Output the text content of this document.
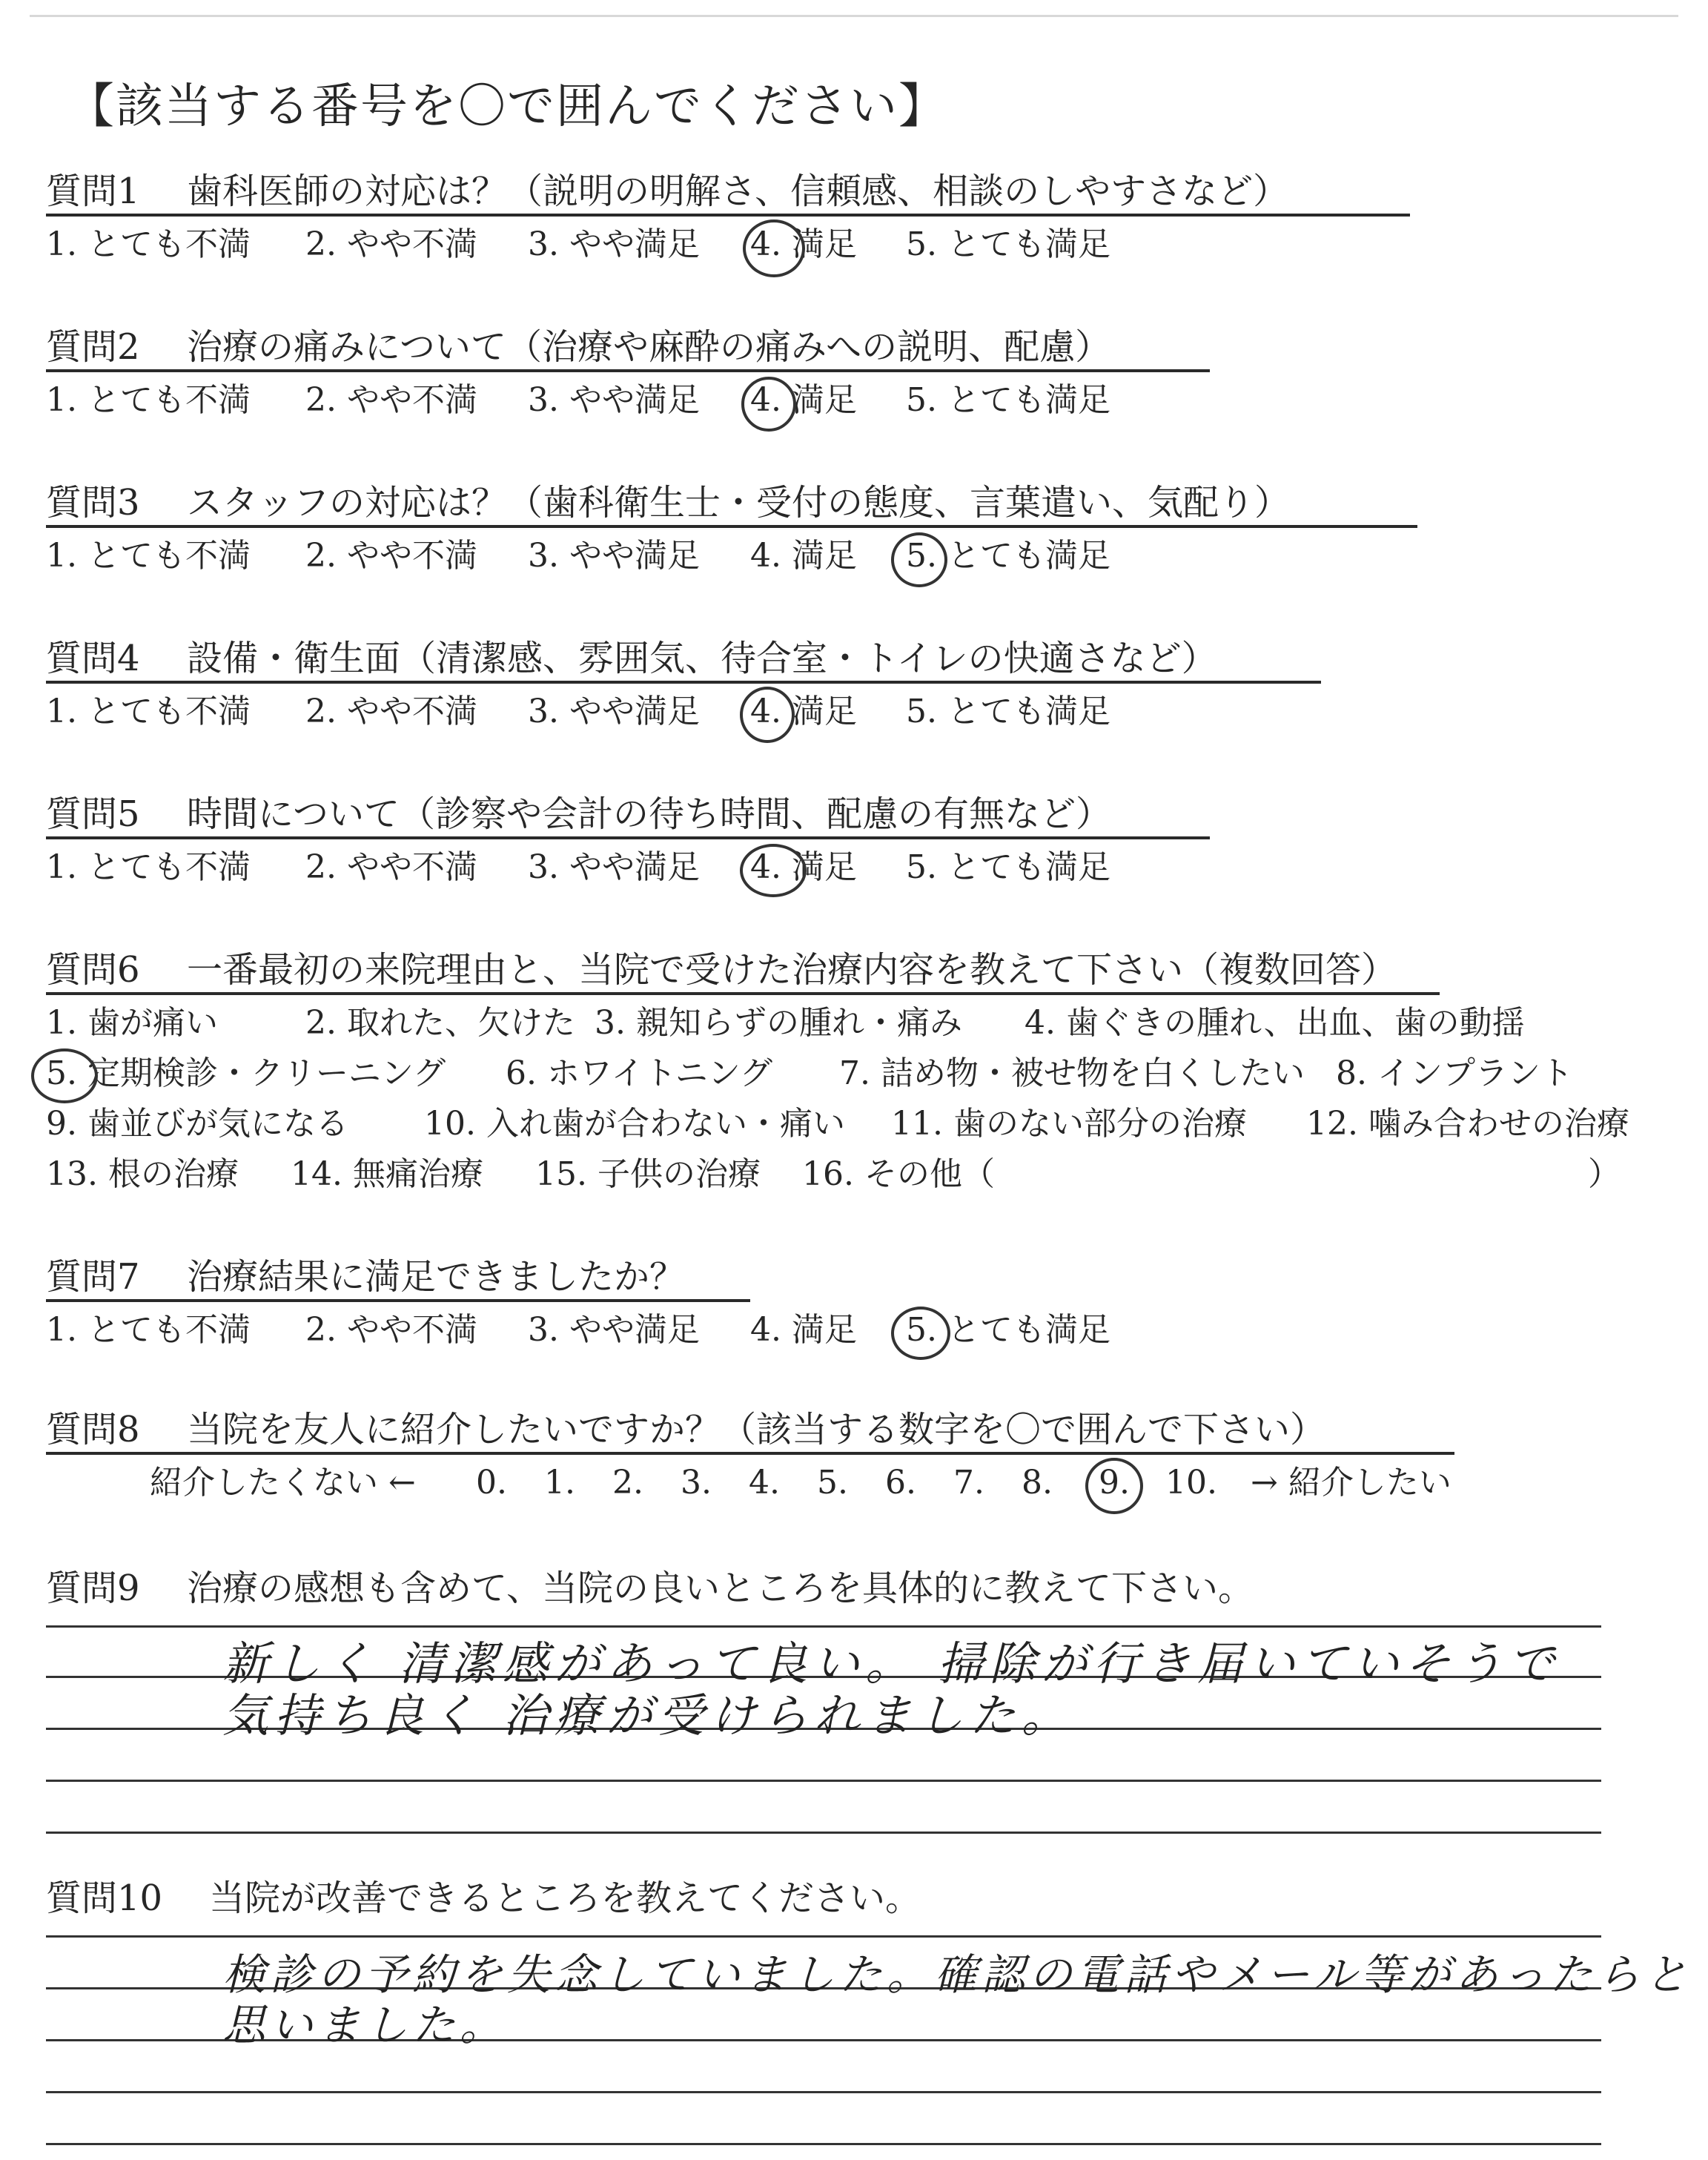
【該当する番号を〇で囲んでください】
質問1 歯科医師の対応は？（説明の明解さ、信頼感、相談のしやすさなど）
1. とても不満 2. やや不満 3. やや満足 4. 満足 5. とても満足
質問2 治療の痛みについて（治療や麻酔の痛みへの説明、配慮）
1. とても不満 2. やや不満 3. やや満足 4. 満足 5. とても満足
質問3 スタッフの対応は？（歯科衛生士・受付の態度、言葉遣い、気配り）
1. とても不満 2. やや不満 3. やや満足 4. 満足 5. とても満足
質問4 設備・衛生面（清潔感、雰囲気、待合室・トイレの快適さなど）
1. とても不満 2. やや不満 3. やや満足 4. 満足 5. とても満足
質問5 時間について（診察や会計の待ち時間、配慮の有無など）
1. とても不満 2. やや不満 3. やや満足 4. 満足 5. とても満足
質問6 一番最初の来院理由と、当院で受けた治療内容を教えて下さい（複数回答）
1. 歯が痛い	2. 取れた、欠けた 3. 親知らずの腫れ・痛み 4. 歯ぐきの腫れ、出血、歯の動揺
5. 定期検診・クリーニング 6. ホワイトニング 7. 詰め物・被せ物を白くしたい 8. インプラント
9. 歯並びが気になる 10. 入れ歯が合わない・痛い 11. 歯のない部分の治療 12. 噛み合わせの治療
13. 根の治療 14. 無痛治療 15. 子供の治療 16. その他（	）
質問7 治療結果に満足できましたか？
1. とても不満 2. やや不満 3. やや満足 4. 満足 5. とても満足
質問8 当院を友人に紹介したいですか？（該当する数字を〇で囲んで下さい）
紹介したくない ← 0. 1. 2. 3. 4. 5. 6. 7. 8. 9. 10. → 紹介したい
質問9 治療の感想も含めて、当院の良いところを具体的に教えて下さい。
新しく 清潔感があって良い。 掃除が行き届いていそうで
気持ち良く 治療が受けられました。
質問10 当院が改善できるところを教えてください。
検診の予約を失念していました。確認の電話やメール等があったらと
思いました。
